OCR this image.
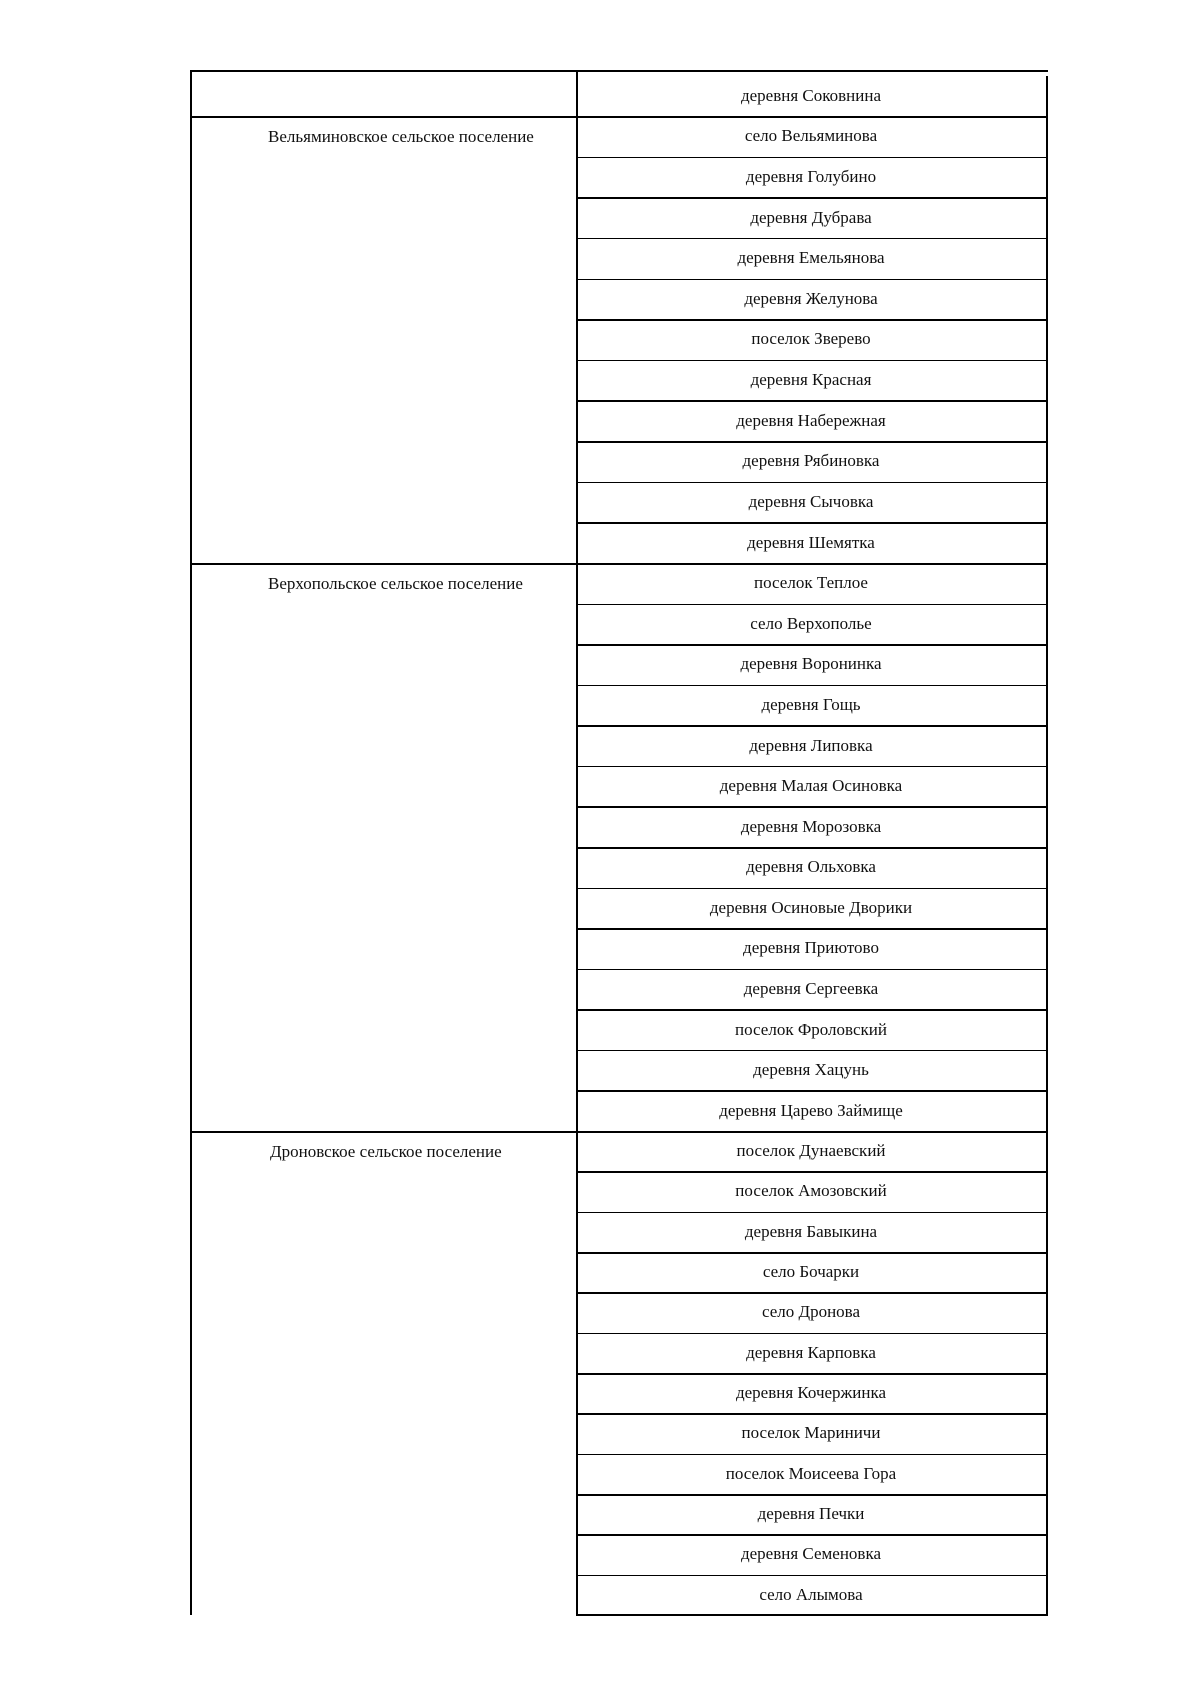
деревня Соковнина
Вельяминовское сельское поселение
Верхопольское сельское поселение
Дроновское сельское поселение
село Вельяминова
деревня Голубино
деревня Дубрава
деревня Емельянова
деревня Желунова
поселок Зверево
деревня Красная
деревня Набережная
деревня Рябиновка
деревня Сычовка
деревня Шемятка
поселок Теплое
село Верхополье
деревня Воронинка
деревня Гощь
деревня Липовка
деревня Малая Осиновка
деревня Морозовка
деревня Ольховка
деревня Осиновые Дворики
деревня Приютово
деревня Сергеевка
поселок Фроловский
деревня Хацунь
деревня Царево Займище
поселок Дунаевский
поселок Амозовский
деревня Бавыкина
село Бочарки
село Дронова
деревня Карповка
деревня Кочержинка
поселок Мариничи
поселок Моисеева Гора
деревня Печки
деревня Семеновка
село Алымова
